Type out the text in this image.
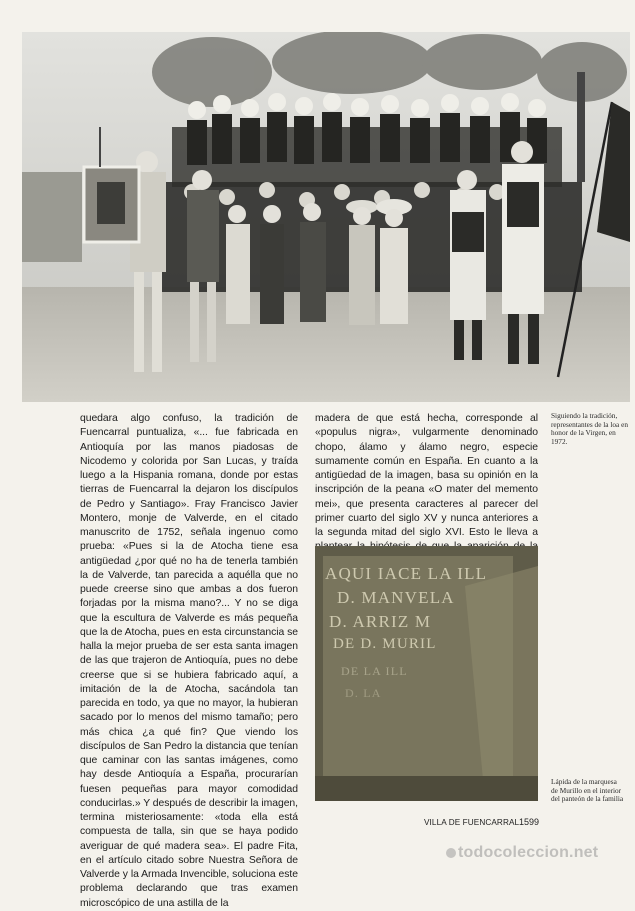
Siguiendo la tradición, representantes de la loa en honor de la Virgen, en 1972.

quedara algo confuso, la tradición de Fuencarral puntualiza, «... fue fabricada en Antioquía por las manos piadosas de Nicodemo y colorida por San Lucas, y traída luego a la Hispania romana, donde por estas tierras de Fuencarral la dejaron los discípulos de Pedro y Santiago». Fray Francisco Javier Montero, monje de Valverde, en el citado manuscrito de 1752, señala ingenuo como prueba: «Pues si la de Atocha tiene esa antigüedad ¿por qué no ha de tenerla también la de Valverde, tan parecida a aquélla que no puede creerse sino que ambas a dos fueron forjadas por la misma mano?... Y no se diga que la escultura de Valverde es más pequeña que la de Atocha, pues en esta circunstancia se halla la mejor prueba de ser esta santa imagen de las que trajeron de Antioquía, pues no debe creerse que si se hubiera fabricado aquí, a imitación de la de Atocha, sacándola tan parecida en todo, ya que no mayor, la hubieran sacado por lo menos del mismo tamaño; pero más chica ¿a qué fin? Que viendo los discípulos de San Pedro la distancia que tenían que caminar con las santas imágenes, como hay desde Antioquía a España, procurarían fuesen pequeñas para mayor comodidad conducirlas.» Y después de describir la imagen, termina misteriosamente: «toda ella está compuesta de talla, sin que se haya podido averiguar de qué madera sea». El padre Fita, en el artículo citado sobre Nuestra Señora de Valverde y la Armada Invencible, soluciona este problema declarando que tras examen microscópico de una astilla de la

madera de que está hecha, corresponde al «populus nigra», vulgarmente denominado chopo, álamo y álamo negro, especie sumamente común en España. En cuanto a la antigüedad de la imagen, basa su opinión en la inscripción de la peana «O mater del memento mei», que presenta caracteres al parecer del primer cuarto del siglo XV y nunca anteriores a la segunda mitad del siglo XVI. Esto le lleva a

AQUI IACE LA ILL
D. MANVELA
D. ARRIZ M
DE D. MURIL
DE LA ILL
D. LA
Lápida de la marquesa
de Murillo en el interior
del panteón de la familia
VILLA DE FUENCARRAL 1599
todocoleccion.net
